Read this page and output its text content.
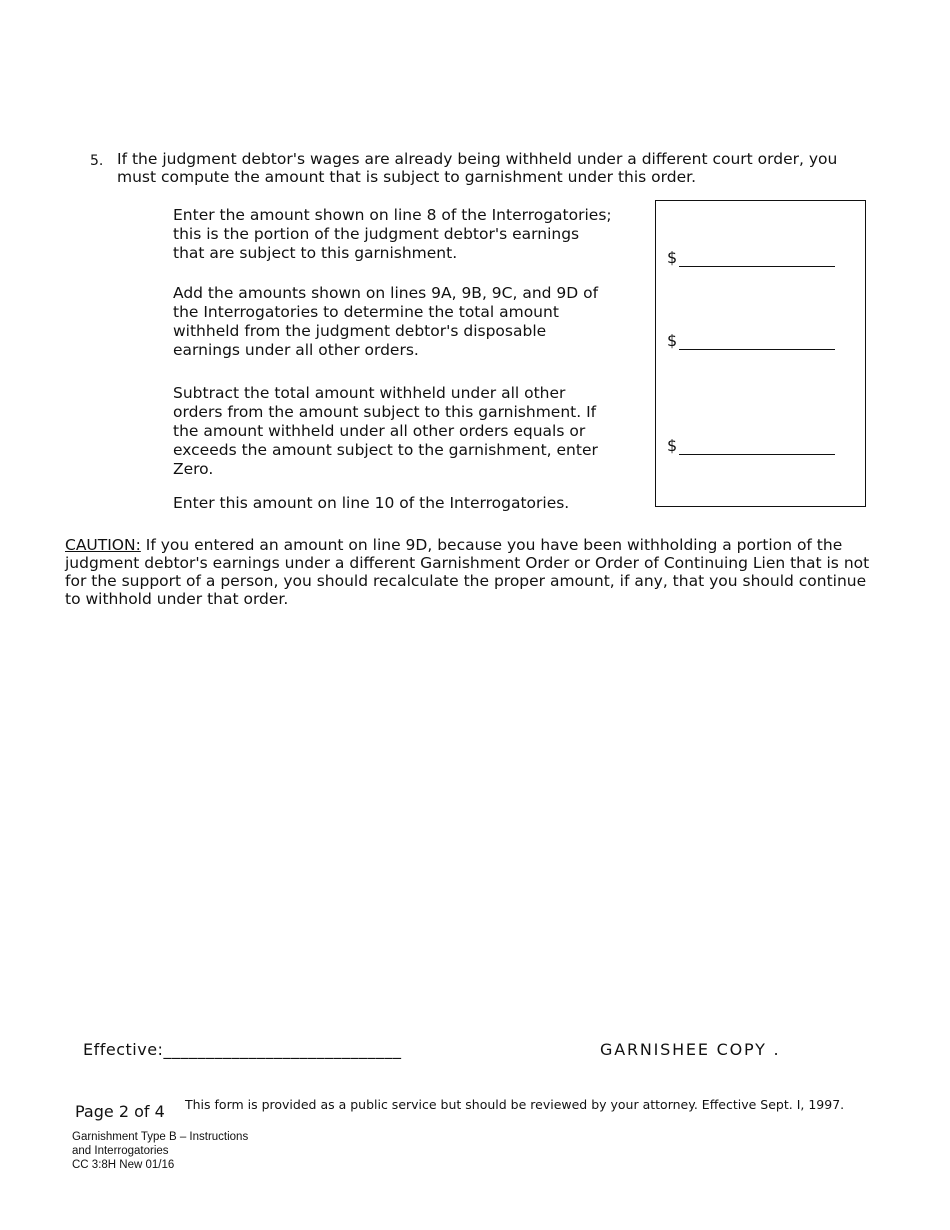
5. If the judgment debtor's wages are already being withheld under a different court order, you must compute the amount that is subject to garnishment under this order.
Enter the amount shown on line 8 of the Interrogatories; this is the portion of the judgment debtor's earnings that are subject to this garnishment.
Add the amounts shown on lines 9A, 9B, 9C, and 9D of the Interrogatories to determine the total amount withheld from the judgment debtor's disposable earnings under all other orders.
Subtract the total amount withheld under all other orders from the amount subject to this garnishment. If the amount withheld under all other orders equals or exceeds the amount subject to the garnishment, enter Zero.
Enter this amount on line 10 of the Interrogatories.
$
$
$
CAUTION: If you entered an amount on line 9D, because you have been withholding a portion of the judgment debtor's earnings under a different Garnishment Order or Order of Continuing Lien that is not for the support of a person, you should recalculate the proper amount, if any, that you should continue to withhold under that order.
Effective:____________________________	GARNISHEE COPY .
Page 2 of 4 This form is provided as a public service but should be reviewed by your attorney. Effective Sept. I, 1997.
Garnishment Type B – Instructions
and Interrogatories
CC 3:8H New 01/16
